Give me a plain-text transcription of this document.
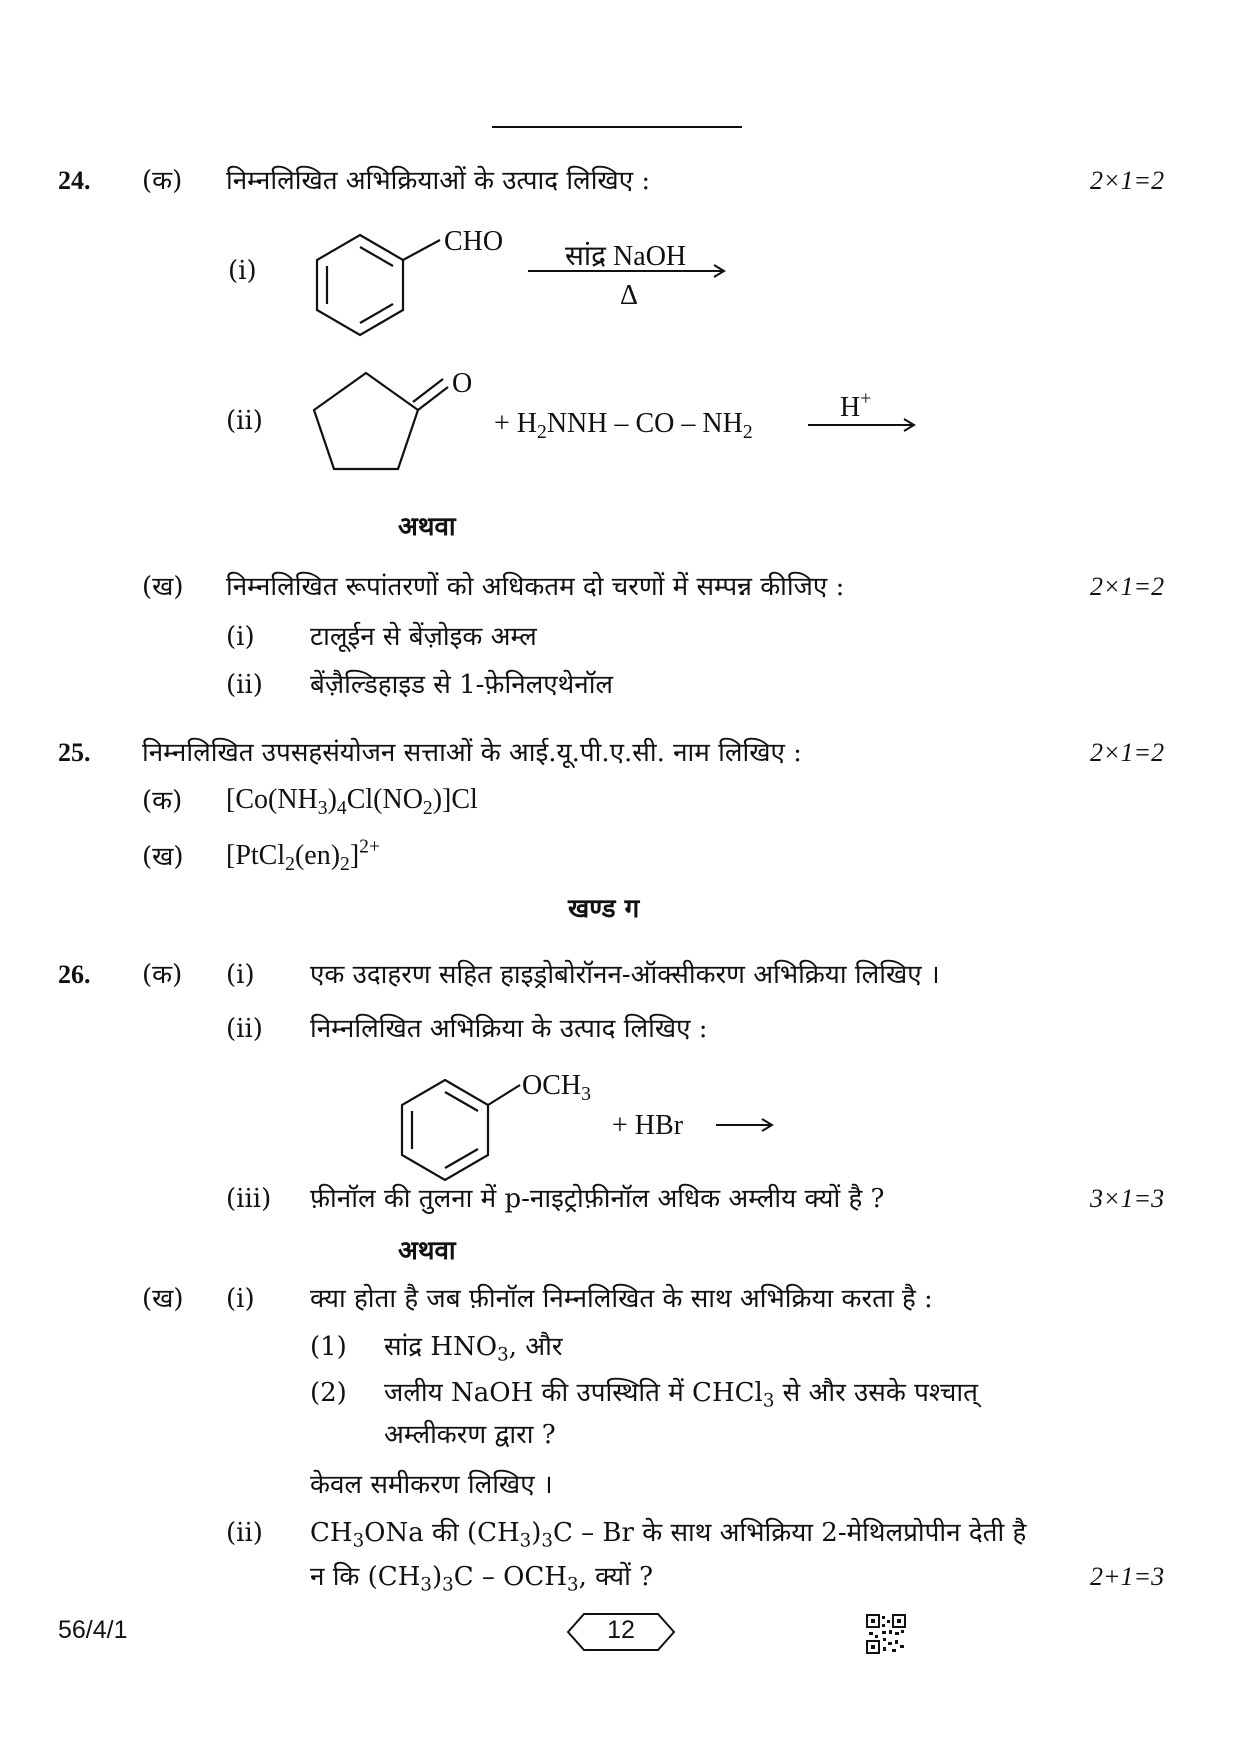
24. (क) निम्नलिखित अभिक्रियाओं के उत्पाद लिखिए :	2×1=2
(i)
CHO सांद्र NaOH
Δ
(ii)
O
+ $H_2NNH$ – CO – $NH_2$
H+
अथवा
(ख) निम्नलिखित रूपांतरणों को अधिकतम दो चरणों में सम्पन्न कीजिए :	2×1=2
(i) टालूईन से बेंज़ोइक अम्ल
(ii) बेंज़ैल्डिहाइड से 1-फ़ेनिलएथेनॉल
25. निम्नलिखित उपसहसंयोजन सत्ताओं के आई.यू.पी.ए.सी. नाम लिखिए :	2×1=2
(क) $[Co(NH_3)_4Cl(NO_2)]Cl$
(ख) $[PtCl_2(en)_2]^{2+}$
खण्ड ग
26. (क) (i) एक उदाहरण सहित हाइड्रोबोरॉनन-ऑक्सीकरण अभिक्रिया लिखिए ।
(ii) निम्नलिखित अभिक्रिया के उत्पाद लिखिए :
$OCH_3$
+ HBr
(iii) फ़ीनॉल की तुलना में p-नाइट्रोफ़ीनॉल अधिक अम्लीय क्यों है ?	3×1=3
अथवा
(ख) (i) क्या होता है जब फ़ीनॉल निम्नलिखित के साथ अभिक्रिया करता है :
(1) सांद्र $HNO_3$, और
(2) जलीय NaOH की उपस्थिति में CHCl$_3$ से और उसके पश्चात्
अम्लीकरण द्वारा ?
केवल समीकरण लिखिए ।
(ii) $CH_3ONa$ की $(CH_3)_3C$ – Br के साथ अभिक्रिया 2-मेथिलप्रोपीन देती है
न कि $(CH_3)_3C - OCH_3$, क्यों ?	2+1=3
56/4/1	12
